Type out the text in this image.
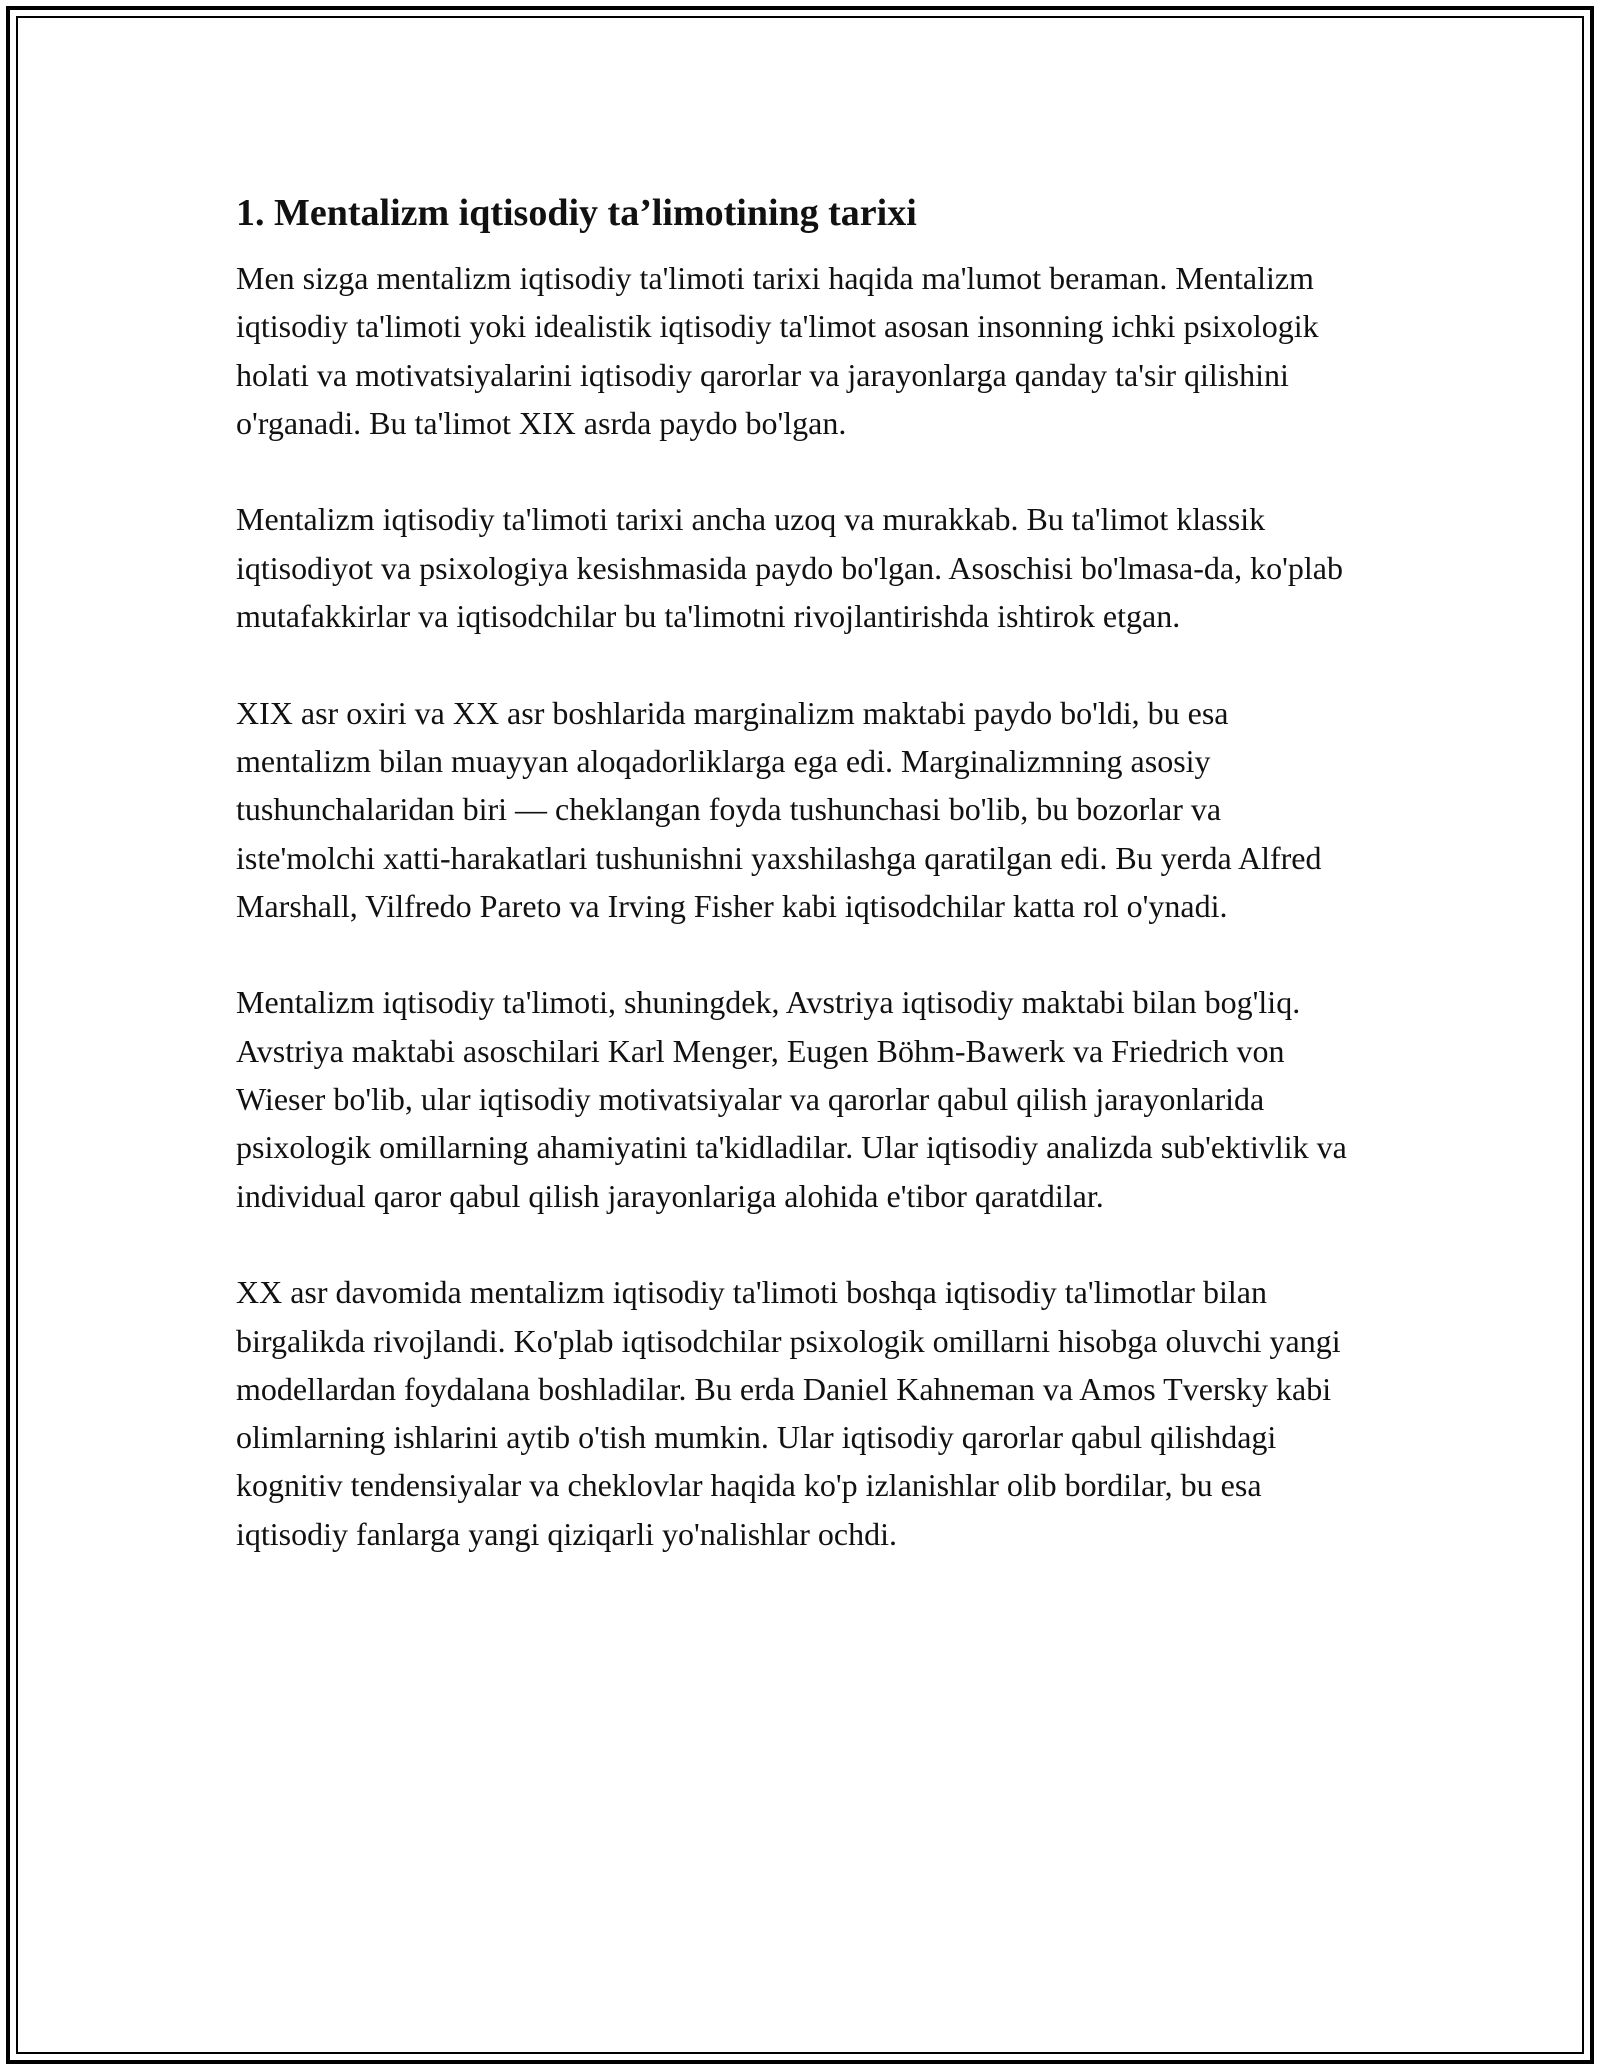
1. Mentalizm iqtisodiy ta’limotining tarixi

Men sizga mentalizm iqtisodiy ta'limoti tarixi haqida ma'lumot beraman. Mentalizm iqtisodiy ta'limoti yoki idealistik iqtisodiy ta'limot asosan insonning ichki psixologik holati va motivatsiyalarini iqtisodiy qarorlar va jarayonlarga qanday ta'sir qilishini o'rganadi. Bu ta'limot XIX asrda paydo bo'lgan.

Mentalizm iqtisodiy ta'limoti tarixi ancha uzoq va murakkab. Bu ta'limot klassik iqtisodiyot va psixologiya kesishmasida paydo bo'lgan. Asoschisi bo'lmasa-da, ko'plab mutafakkirlar va iqtisodchilar bu ta'limotni rivojlantirishda ishtirok etgan.

XIX asr oxiri va XX asr boshlarida marginalizm maktabi paydo bo'ldi, bu esa mentalizm bilan muayyan aloqadorliklarga ega edi. Marginalizmning asosiy tushunchalaridan biri — cheklangan foyda tushunchasi bo'lib, bu bozorlar va iste'molchi xatti-harakatlari tushunishni yaxshilashga qaratilgan edi. Bu yerda Alfred Marshall, Vilfredo Pareto va Irving Fisher kabi iqtisodchilar katta rol o'ynadi.

Mentalizm iqtisodiy ta'limoti, shuningdek, Avstriya iqtisodiy maktabi bilan bog'liq. Avstriya maktabi asoschilari Karl Menger, Eugen Böhm-Bawerk va Friedrich von Wieser bo'lib, ular iqtisodiy motivatsiyalar va qarorlar qabul qilish jarayonlarida psixologik omillarning ahamiyatini ta'kidladilar. Ular iqtisodiy analizda sub'ektivlik va individual qaror qabul qilish jarayonlariga alohida e'tibor qaratdilar.

XX asr davomida mentalizm iqtisodiy ta'limoti boshqa iqtisodiy ta'limotlar bilan birgalikda rivojlandi. Ko'plab iqtisodchilar psixologik omillarni hisobga oluvchi yangi modellardan foydalana boshladilar. Bu erda Daniel Kahneman va Amos Tversky kabi olimlarning ishlarini aytib o'tish mumkin. Ular iqtisodiy qarorlar qabul qilishdagi kognitiv tendensiyalar va cheklovlar haqida ko'p izlanishlar olib bordilar, bu esa iqtisodiy fanlarga yangi qiziqarli yo'nalishlar ochdi.
